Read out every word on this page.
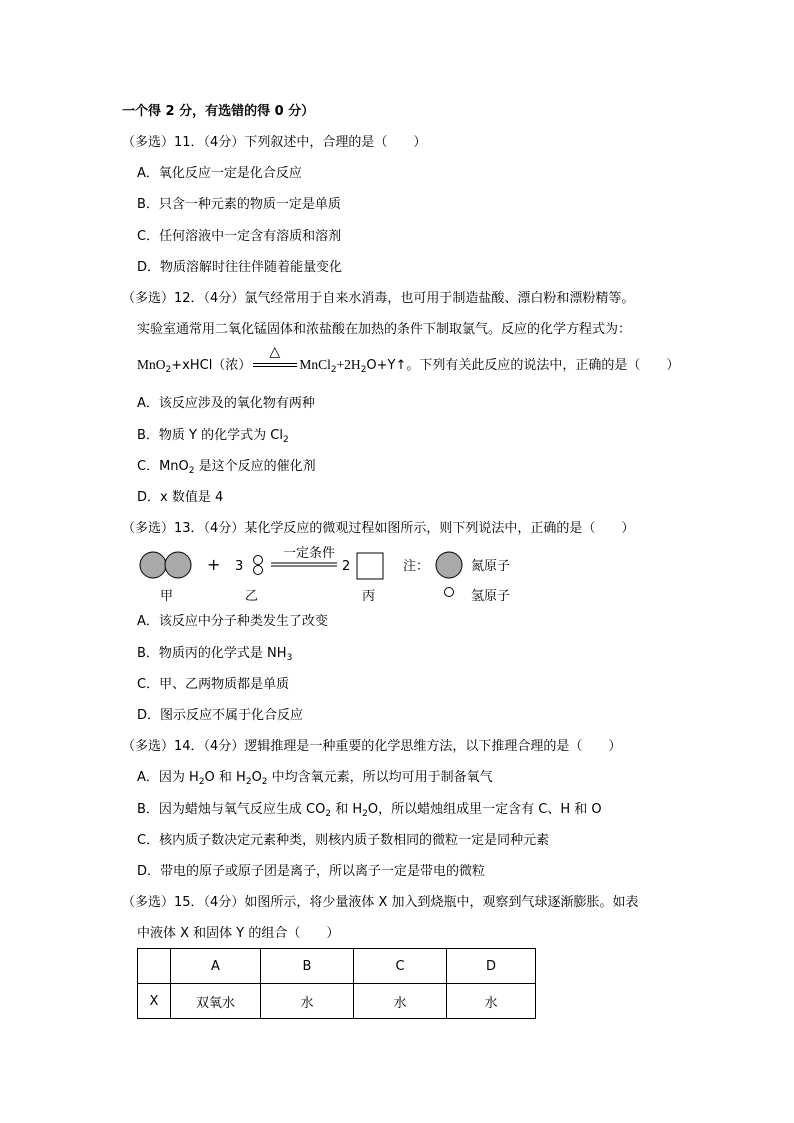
一个得 2 分，有选错的得 0 分）
（多选）11．（4分）下列叙述中，合理的是（　　）
A．氧化反应一定是化合反应
B．只含一种元素的物质一定是单质
C．任何溶液中一定含有溶质和溶剂
D．物质溶解时往往伴随着能量变化
（多选）12．（4分）氯气经常用于自来水消毒，也可用于制造盐酸、漂白粉和漂粉精等。
实验室通常用二氧化锰固体和浓盐酸在加热的条件下制取氯气。反应的化学方程式为：
MnO$_2$+xHCl（浓）
△
$MnCl_2+2H_2O+Y↑$。下列有关此反应的说法中，正确的是（　　）
A．该反应涉及的氧化物有两种
B．物质 Y 的化学式为 $Cl_2$
C．MnO$_2$ 是这个反应的催化剂
D．x 数值是 4
（多选）13．（4分）某化学反应的微观过程如图所示，则下列说法中，正确的是（　　）
甲
+ 3
乙
一定条件
2
丙
注：	氮原子
氢原子
A．该反应中分子种类发生了改变
B．物质丙的化学式是 $NH_3$
C．甲、乙两物质都是单质
D．图示反应不属于化合反应
（多选）14．（4分）逻辑推理是一种重要的化学思维方法，以下推理合理的是（　　）
A．因为 $H_2O$ 和 $H_2O_2$ 中均含氧元素，所以均可用于制备氧气
B．因为蜡烛与氧气反应生成 $CO_2$ 和 $H_2O$，所以蜡烛组成里一定含有 C、H 和 O
C．核内质子数决定元素种类，则核内质子数相同的微粒一定是同种元素
D．带电的原子或原子团是离子，所以离子一定是带电的微粒
（多选）15．（4分）如图所示，将少量液体 X 加入到烧瓶中，观察到气球逐渐膨胀。如表
中液体 X 和固体 Y 的组合（　　）
	A	B	C	D
X	双氧水	水	水	水
